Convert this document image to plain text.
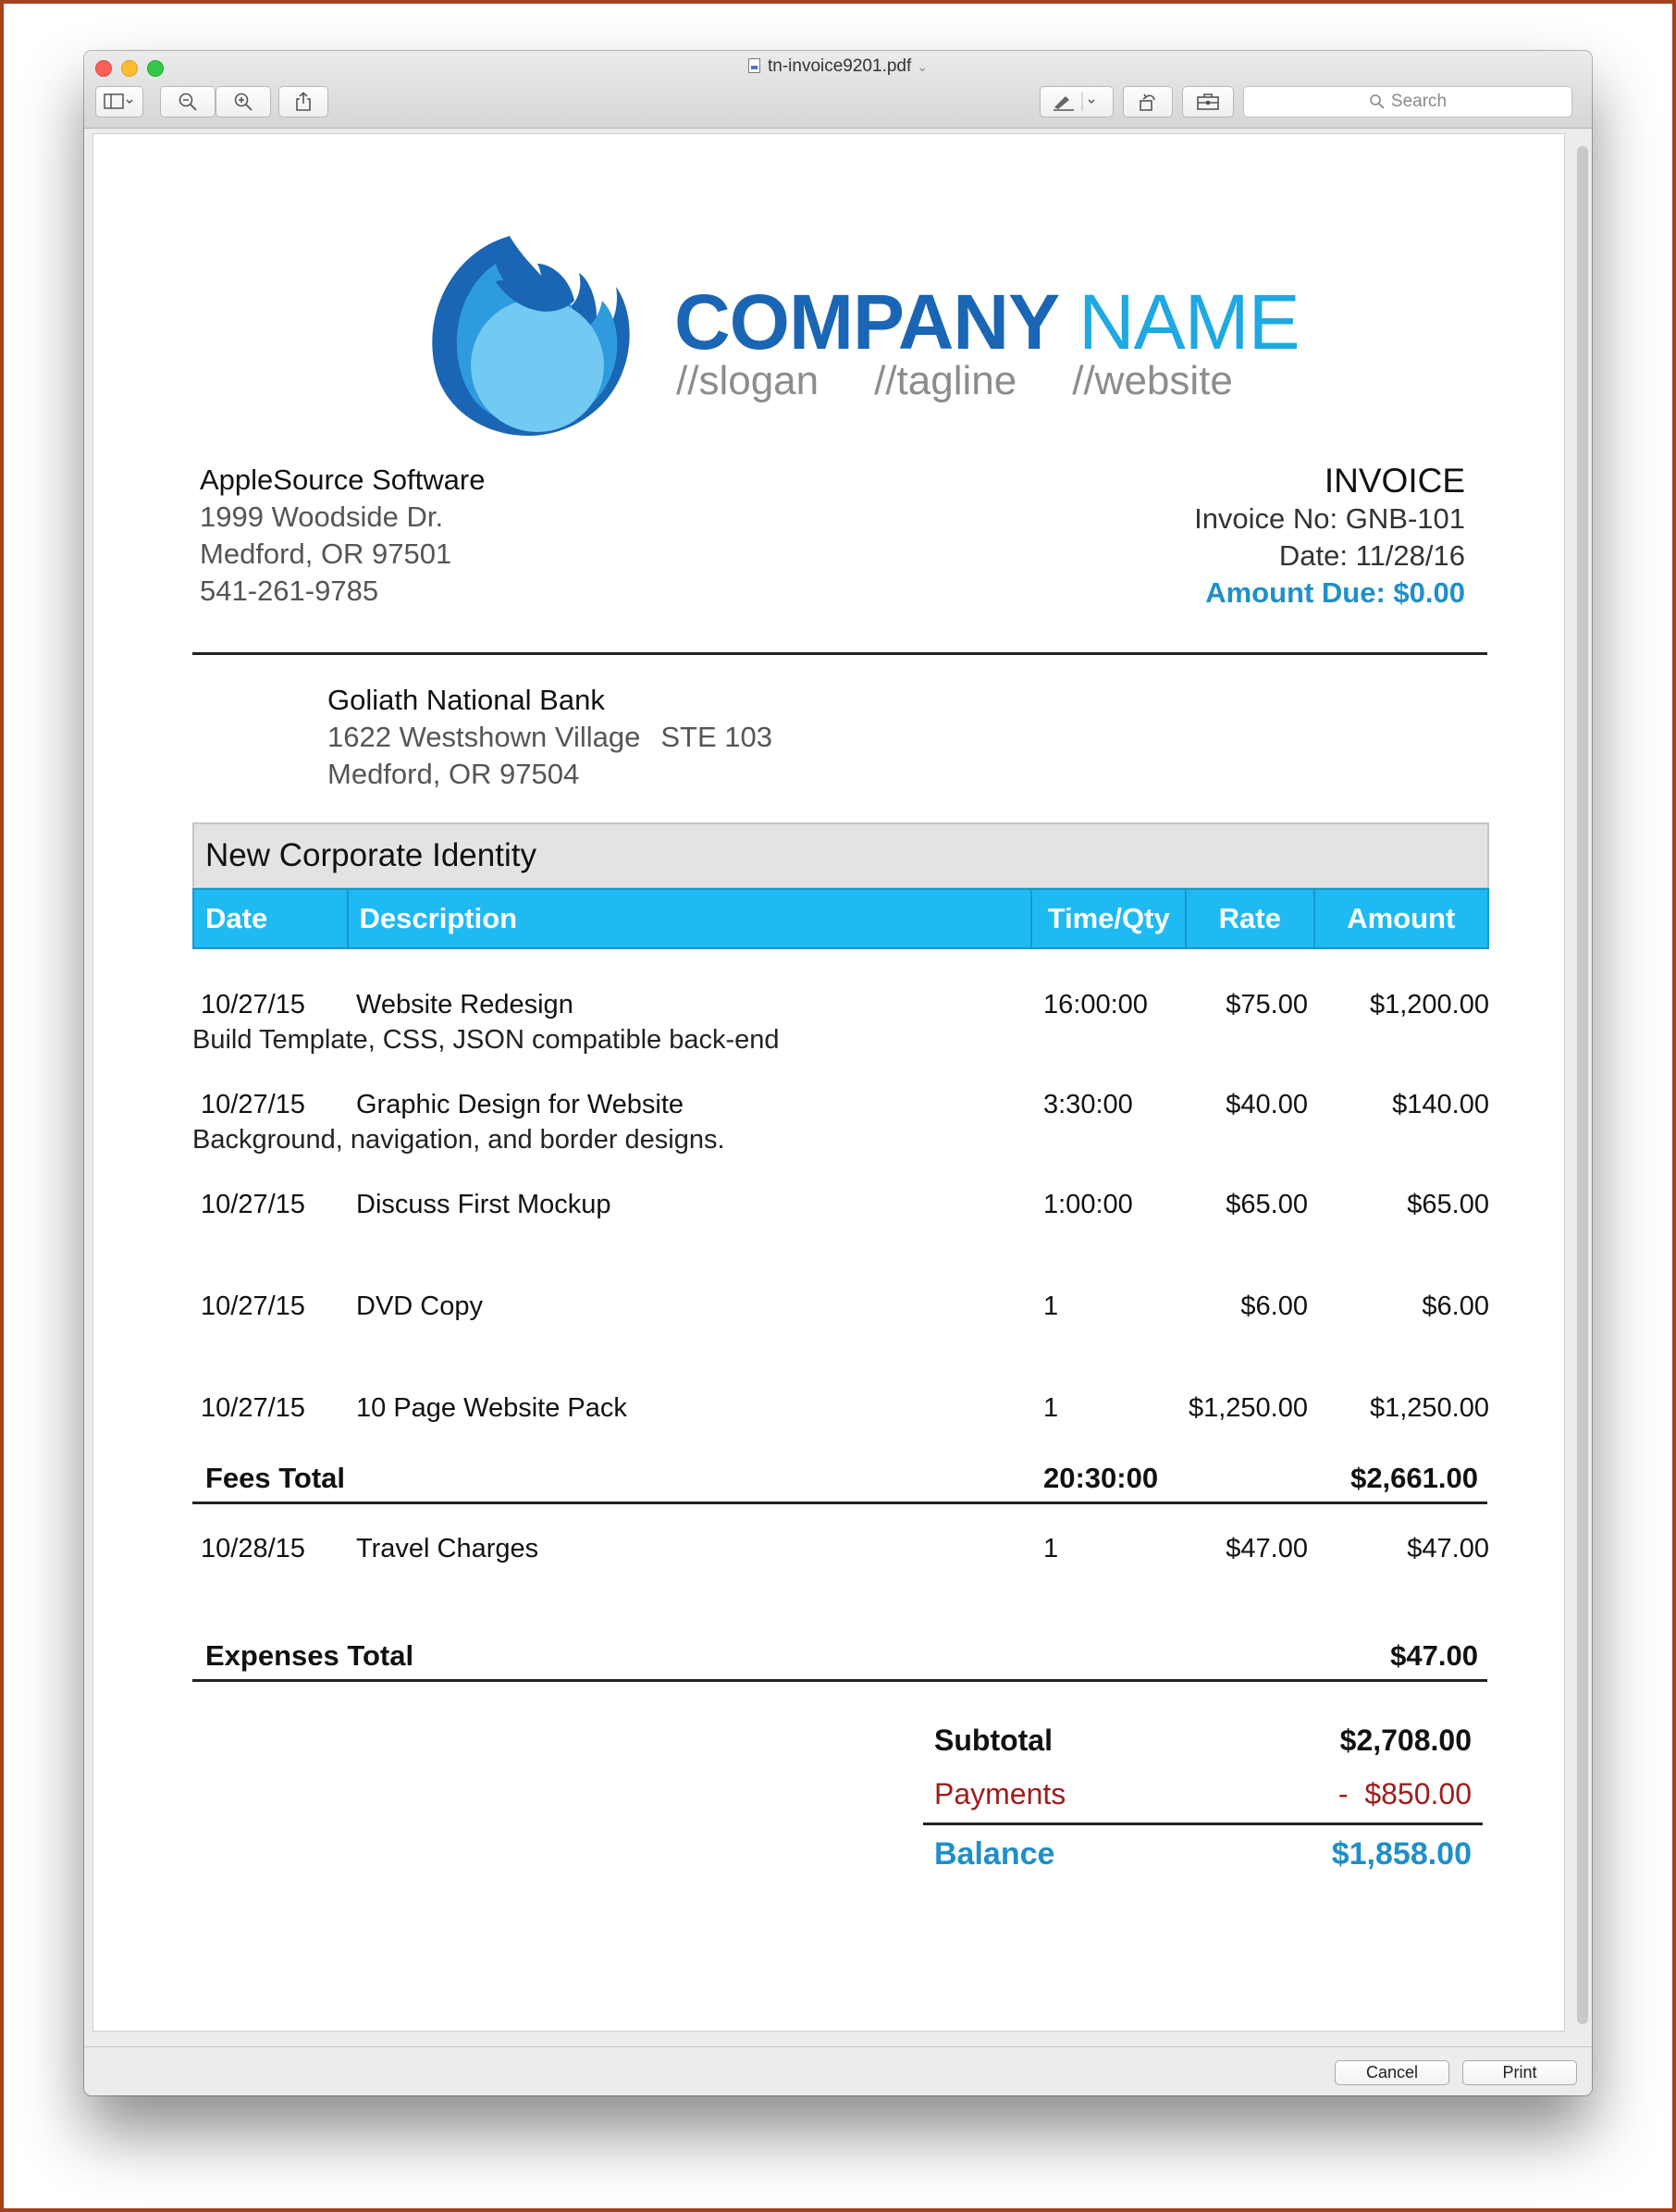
tn-invoice9201.pdf ⌄
Search
COMPANY NAME
//slogan //tagline //website
AppleSource Software
1999 Woodside Dr.
Medford, OR 97501
541-261-9785
INVOICE
Invoice No: GNB-101
Date: 11/28/16
Amount Due: $0.00
Goliath National Bank
1622 Westshown Village STE 103
Medford, OR 97504
New Corporate Identity
Date	Description	Time/Qty	Rate	Amount
10/27/15 Website Redesign	16:00:00	$75.00 $1,200.00
Build Template, CSS, JSON compatible back-end
10/27/15 Graphic Design for Website	3:30:00	$40.00	$140.00
Background, navigation, and border designs.
10/27/15 Discuss First Mockup	1:00:00	$65.00	$65.00
10/27/15 DVD Copy	1	$6.00	$6.00
10/27/15 10 Page Website Pack	1	$1,250.00 $1,250.00
Fees Total	20:30:00	$2,661.00
10/28/15 Travel Charges	1	$47.00	$47.00
Expenses Total	$47.00
Subtotal	$2,708.00
Payments	-  $850.00
Balance	$1,858.00
Cancel	Print
